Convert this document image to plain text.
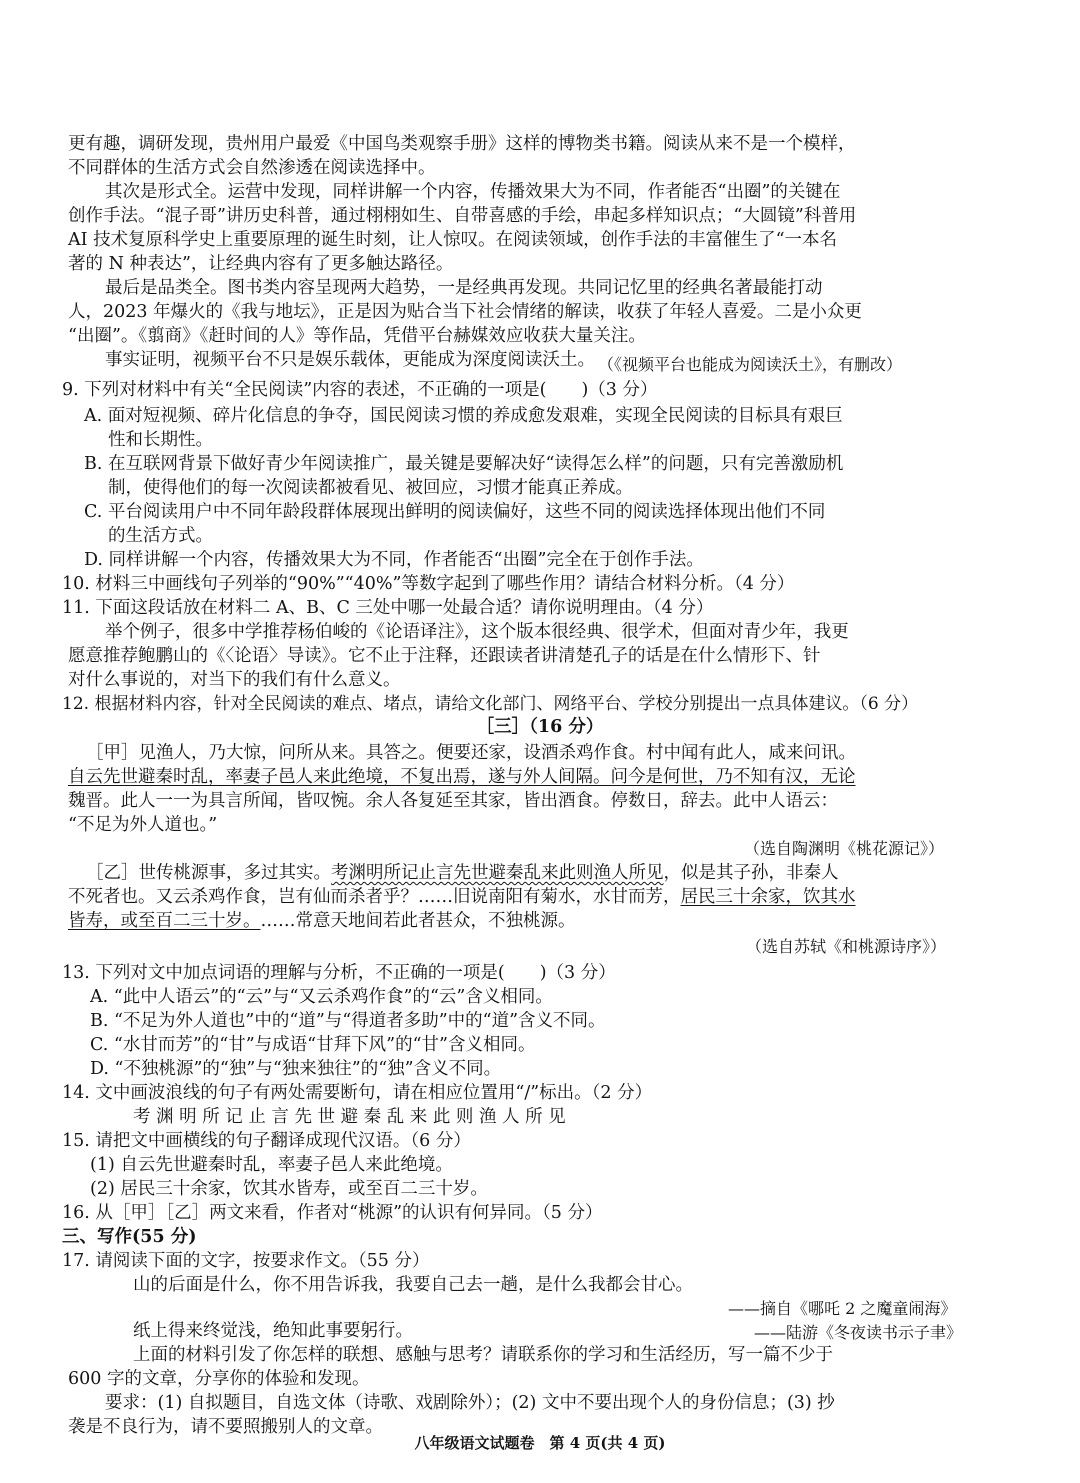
更有趣，调研发现，贵州用户最爱《中国鸟类观察手册》这样的博物类书籍。阅读从来不是一个模样，
不同群体的生活方式会自然渗透在阅读选择中。
其次是形式全。运营中发现，同样讲解一个内容，传播效果大为不同，作者能否“出圈”的关键在
创作手法。“混子哥”讲历史科普，通过栩栩如生、自带喜感的手绘，串起多样知识点；“大圆镜”科普用
AI 技术复原科学史上重要原理的诞生时刻，让人惊叹。在阅读领域，创作手法的丰富催生了“一本名
著的 N 种表达”，让经典内容有了更多触达路径。
最后是品类全。图书类内容呈现两大趋势，一是经典再发现。共同记忆里的经典名著最能打动
人，2023 年爆火的《我与地坛》，正是因为贴合当下社会情绪的解读，收获了年轻人喜爱。二是小众更
“出圈”。《翦商》《赶时间的人》等作品，凭借平台赫媒效应收获大量关注。
事实证明，视频平台不只是娱乐载体，更能成为深度阅读沃土。 （《视频平台也能成为阅读沃土》，有删改）
9. 下列对材料中有关“全民阅读”内容的表述，不正确的一项是(　　)（3 分）
A. 面对短视频、碎片化信息的争夺，国民阅读习惯的养成愈发艰难，实现全民阅读的目标具有艰巨
性和长期性。
B. 在互联网背景下做好青少年阅读推广，最关键是要解决好“读得怎么样”的问题，只有完善激励机
制，使得他们的每一次阅读都被看见、被回应，习惯才能真正养成。
C. 平台阅读用户中不同年龄段群体展现出鲜明的阅读偏好，这些不同的阅读选择体现出他们不同
的生活方式。
D. 同样讲解一个内容，传播效果大为不同，作者能否“出圈”完全在于创作手法。
10. 材料三中画线句子列举的“90%”“40%”等数字起到了哪些作用？请结合材料分析。（4 分）
11. 下面这段话放在材料二 A、B、C 三处中哪一处最合适？请你说明理由。（4 分）
举个例子，很多中学推荐杨伯峻的《论语译注》，这个版本很经典、很学术，但面对青少年，我更
愿意推荐鲍鹏山的《〈论语〉导读》。它不止于注释，还跟读者讲清楚孔子的话是在什么情形下、针
对什么事说的，对当下的我们有什么意义。
12. 根据材料内容，针对全民阅读的难点、堵点，请给文化部门、网络平台、学校分别提出一点具体建议。（6 分）
［三］（16 分）
［甲］见渔人，乃大惊，问所从来。具答之。便要还家，设酒杀鸡作食。村中闻有此人，咸来问讯。
自云先世避秦时乱，率妻子邑人来此绝境，不复出焉，遂与外人间隔。问今是何世，乃不知有汉，无论
魏晋。此人一一为具言所闻，皆叹惋。余人各复延至其家，皆出酒食。停数日，辞去。此中人语云：
“不足为外人道也。”
（选自陶渊明《桃花源记》）
［乙］世传桃源事，多过其实。考渊明所记止言先世避秦乱来此则渔人所见，似是其子孙，非秦人
不死者也。又云杀鸡作食，岂有仙而杀者乎？……旧说南阳有菊水，水甘而芳，居民三十余家，饮其水
皆寿，或至百二三十岁。……常意天地间若此者甚众，不独桃源。
（选自苏轼《和桃源诗序》）
13. 下列对文中加点词语的理解与分析，不正确的一项是(　　)（3 分）
A. “此中人语云”的“云”与“又云杀鸡作食”的“云”含义相同。
B. “不足为外人道也”中的“道”与“得道者多助”中的“道”含义不同。
C. “水甘而芳”的“甘”与成语“甘拜下风”的“甘”含义相同。
D. “不独桃源”的“独”与“独来独往”的“独”含义不同。
14. 文中画波浪线的句子有两处需要断句，请在相应位置用“/”标出。（2 分）
考 渊 明 所 记 止 言 先 世 避 秦 乱 来 此 则 渔 人 所 见
15. 请把文中画横线的句子翻译成现代汉语。（6 分）
(1) 自云先世避秦时乱，率妻子邑人来此绝境。
(2) 居民三十余家，饮其水皆寿，或至百二三十岁。
16. 从［甲］［乙］两文来看，作者对“桃源”的认识有何异同。（5 分）
三、写作(55 分)
17. 请阅读下面的文字，按要求作文。（55 分）
山的后面是什么，你不用告诉我，我要自己去一趟，是什么我都会甘心。
——摘自《哪吒 2 之魔童闹海》
纸上得来终觉浅，绝知此事要躬行。	——陆游《冬夜读书示子聿》
上面的材料引发了你怎样的联想、感触与思考？请联系你的学习和生活经历，写一篇不少于
600 字的文章，分享你的体验和发现。
要求：(1) 自拟题目，自选文体（诗歌、戏剧除外）；(2) 文中不要出现个人的身份信息；(3) 抄
袭是不良行为，请不要照搬别人的文章。
八年级语文试题卷　第 4 页(共 4 页)
